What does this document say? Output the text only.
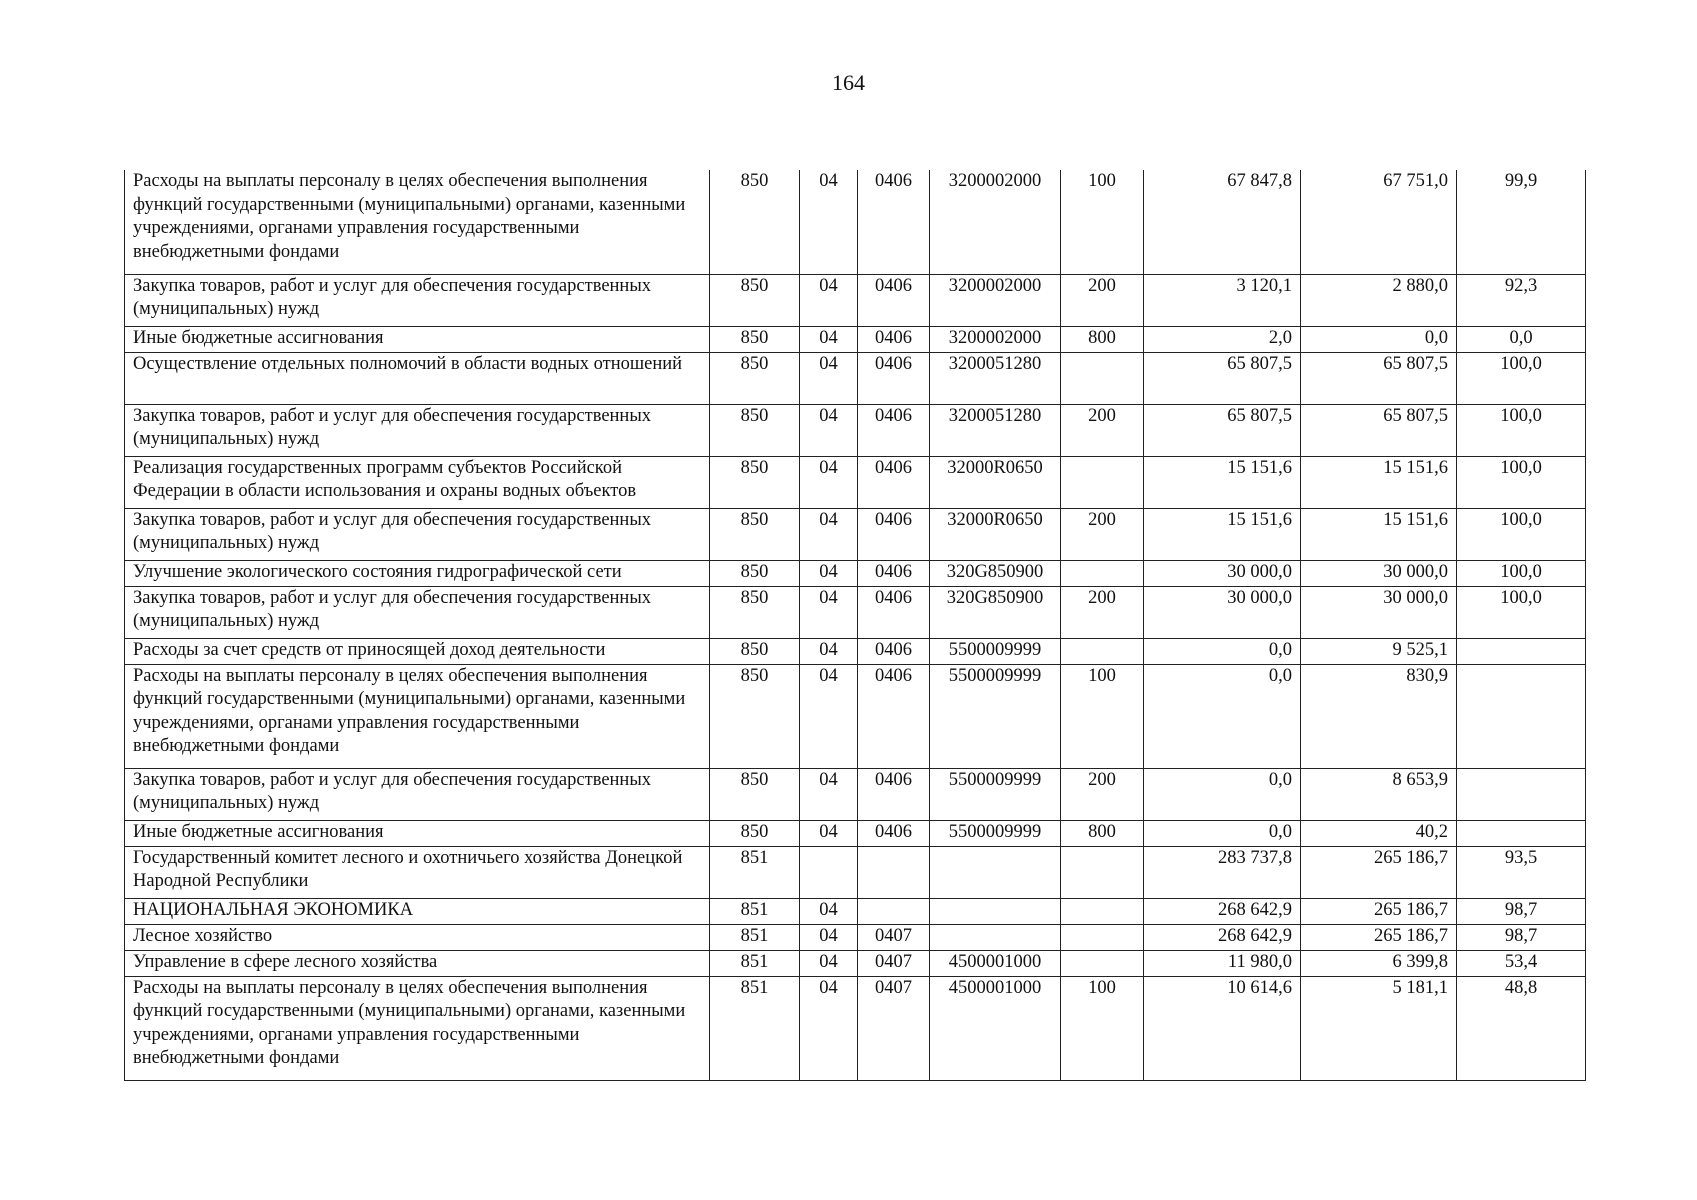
164
Расходы на выплаты персоналу в целях обеспечения выполнения функций государственными (муниципальными) органами, казенными учреждениями, органами управления государственными внебюджетными фондами	850	04	0406	3200002000	100	67 847,8	67 751,0	99,9
Закупка товаров, работ и услуг для обеспечения государственных (муниципальных) нужд	850	04	0406	3200002000	200	3 120,1	2 880,0	92,3
Иные бюджетные ассигнования	850	04	0406	3200002000	800	2,0	0,0	0,0
Осуществление отдельных полномочий в области водных отношений	850	04	0406	3200051280		65 807,5	65 807,5	100,0
Закупка товаров, работ и услуг для обеспечения государственных (муниципальных) нужд	850	04	0406	3200051280	200	65 807,5	65 807,5	100,0
Реализация государственных программ субъектов Российской Федерации в области использования и охраны водных объектов	850	04	0406	32000R0650		15 151,6	15 151,6	100,0
Закупка товаров, работ и услуг для обеспечения государственных (муниципальных) нужд	850	04	0406	32000R0650	200	15 151,6	15 151,6	100,0
Улучшение экологического состояния гидрографической сети	850	04	0406	320G850900		30 000,0	30 000,0	100,0
Закупка товаров, работ и услуг для обеспечения государственных (муниципальных) нужд	850	04	0406	320G850900	200	30 000,0	30 000,0	100,0
Расходы за счет средств от приносящей доход деятельности	850	04	0406	5500009999		0,0	9 525,1	
Расходы на выплаты персоналу в целях обеспечения выполнения функций государственными (муниципальными) органами, казенными учреждениями, органами управления государственными внебюджетными фондами	850	04	0406	5500009999	100	0,0	830,9	
Закупка товаров, работ и услуг для обеспечения государственных (муниципальных) нужд	850	04	0406	5500009999	200	0,0	8 653,9	
Иные бюджетные ассигнования	850	04	0406	5500009999	800	0,0	40,2	
Государственный комитет лесного и охотничьего хозяйства Донецкой Народной Республики	851					283 737,8	265 186,7	93,5
НАЦИОНАЛЬНАЯ ЭКОНОМИКА	851	04				268 642,9	265 186,7	98,7
Лесное хозяйство	851	04	0407			268 642,9	265 186,7	98,7
Управление в сфере лесного хозяйства	851	04	0407	4500001000		11 980,0	6 399,8	53,4
Расходы на выплаты персоналу в целях обеспечения выполнения функций государственными (муниципальными) органами, казенными учреждениями, органами управления государственными внебюджетными фондами	851	04	0407	4500001000	100	10 614,6	5 181,1	48,8
